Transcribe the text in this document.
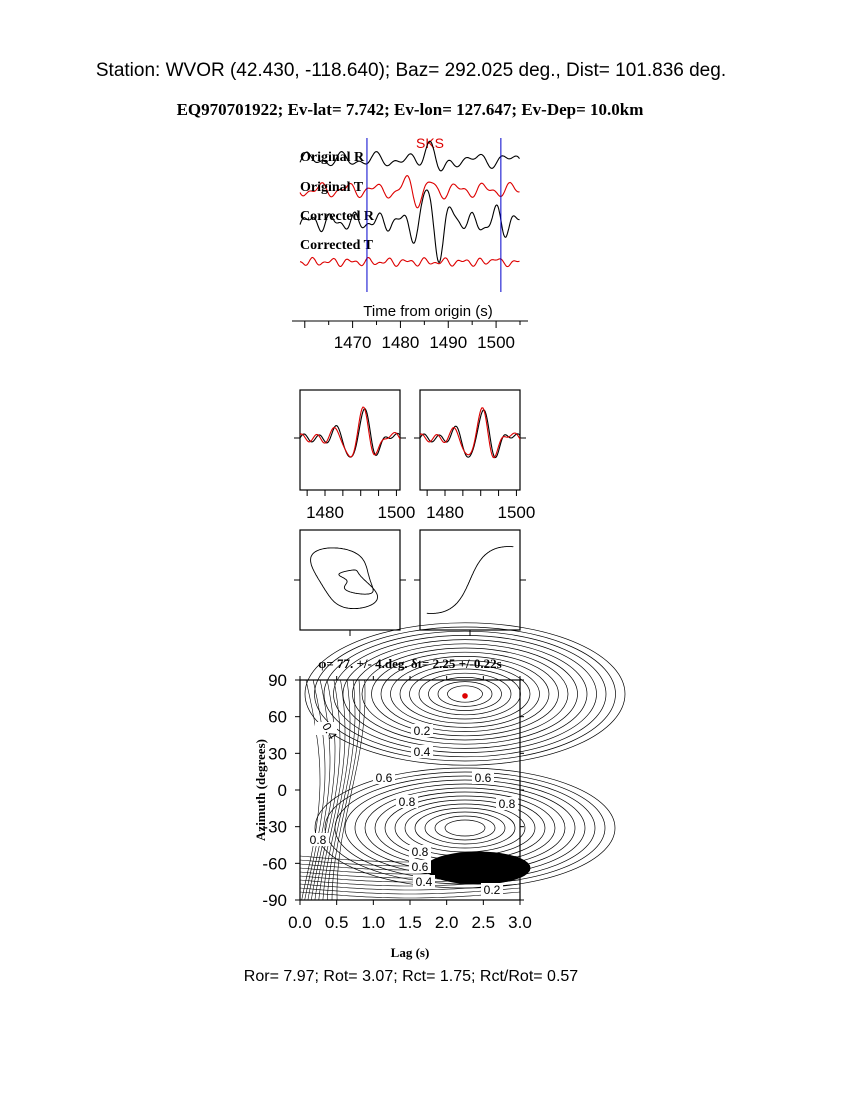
Station: WVOR (42.430, -118.640); Baz= 292.025 deg., Dist= 101.836 deg.
EQ970701922; Ev-lat= 7.742; Ev-lon= 127.647; Ev-Dep= 10.0km
SKS
Original R
Original T
Corrected R
Corrected T
Time from origin (s)
1470 1480 1490 1500
1480 1500 1480 1500
φ= 77. +/- 4.deg. δt= 2.25 +/-0.22s
0.2
0.4
0.4
0.6	0.6
0.8	0.8
0.8
0.6
0.4
0.2
0.8
0.0 0.5 1.0 1.5 2.0 2.5 3.0
90
60
30
0
-30
-60
-90
Lag (s)
Azimuth (degrees)
Ror= 7.97; Rot= 3.07; Rct= 1.75; Rct/Rot= 0.57
